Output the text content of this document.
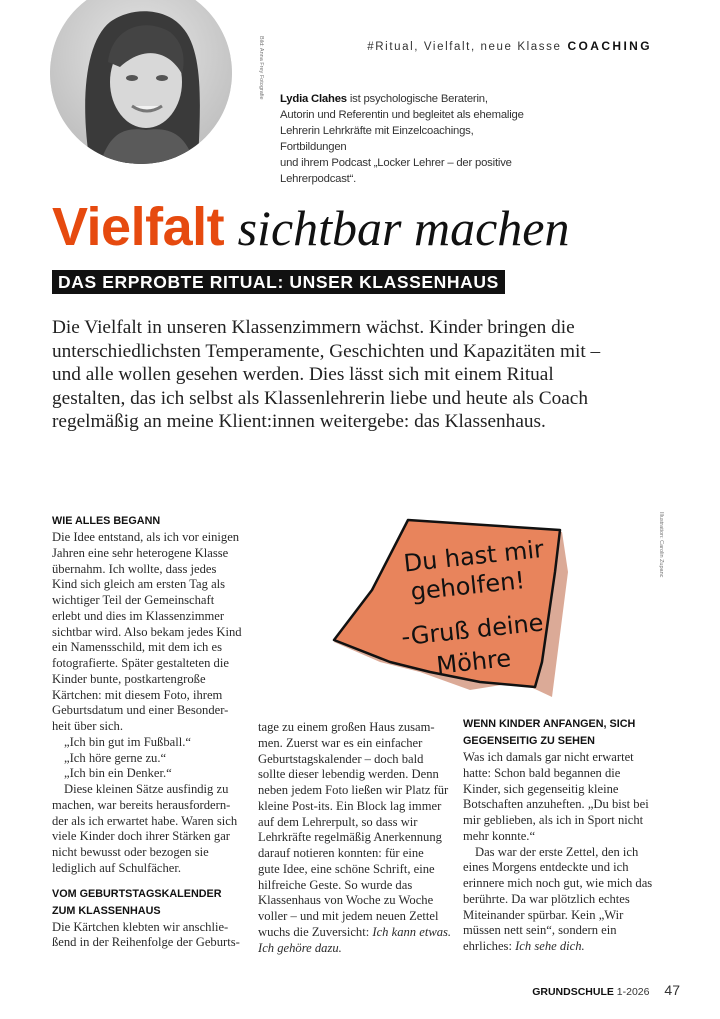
Bild: Anna Frey Fotografie	#Ritual, Vielfalt, neue Klasse COACHING
Lydia Clahes ist psychologische Beraterin,
Autorin und Referentin und begleitet als ehemalige
Lehrerin Lehrkräfte mit Einzelcoachings, Fortbildungen
und ihrem Podcast „Locker Lehrer – der positive
Lehrerpodcast“.
Vielfalt sichtbar machen
DAS ERPROBTE RITUAL: UNSER KLASSENHAUS
Die Vielfalt in unseren Klassenzimmern wächst. Kinder bringen die
unterschiedlichsten Temperamente, Geschichten und Kapazitäten mit –
und alle wollen gesehen werden. Dies lässt sich mit einem Ritual
gestalten, das ich selbst als Klassenlehrerin liebe und heute als Coach
regelmäßig an meine Klient:innen weitergebe: das Klassenhaus.
Du hast mir
geholfen!
-Gruß deine
Möhre
Illustration: Carolin Zupanc
WIE ALLES BEGANN
Die Idee entstand, als ich vor einigen
Jahren eine sehr heterogene Klasse
übernahm. Ich wollte, dass jedes
Kind sich gleich am ersten Tag als
wichtiger Teil der Gemeinschaft
erlebt und dies im Klassenzimmer
sichtbar wird. Also bekam jedes Kind
ein Namensschild, mit dem ich es
fotografierte. Später gestalteten die
Kinder bunte, postkartengroße
Kärtchen: mit diesem Foto, ihrem
Geburtsdatum und einer Besonder-
heit über sich.
„Ich bin gut im Fußball.“
„Ich höre gerne zu.“
„Ich bin ein Denker.“
Diese kleinen Sätze ausfindig zu
machen, war bereits herausfordern-
der als ich erwartet habe. Waren sich
viele Kinder doch ihrer Stärken gar
nicht bewusst oder bezogen sie
lediglich auf Schulfächer.
VOM GEBURTSTAGSKALENDER
ZUM KLASSENHAUS
Die Kärtchen klebten wir anschlie-
ßend in der Reihenfolge der Geburts-
tage zu einem großen Haus zusam-
men. Zuerst war es ein einfacher
Geburtstagskalender – doch bald
sollte dieser lebendig werden. Denn
neben jedem Foto ließen wir Platz für
kleine Post-its. Ein Block lag immer
auf dem Lehrerpult, so dass wir
Lehrkräfte regelmäßig Anerkennung
darauf notieren konnten: für eine
gute Idee, eine schöne Schrift, eine
hilfreiche Geste. So wurde das
Klassenhaus von Woche zu Woche
voller – und mit jedem neuen Zettel
wuchs die Zuversicht: Ich kann etwas.
Ich gehöre dazu.
WENN KINDER ANFANGEN, SICH
GEGENSEITIG ZU SEHEN
Was ich damals gar nicht erwartet
hatte: Schon bald begannen die
Kinder, sich gegenseitig kleine
Botschaften anzuheften. „Du bist bei
mir geblieben, als ich in Sport nicht
mehr konnte.“
Das war der erste Zettel, den ich
eines Morgens entdeckte und ich
erinnere mich noch gut, wie mich das
berührte. Da war plötzlich echtes
Miteinander spürbar. Kein „Wir
müssen nett sein“, sondern ein
ehrliches: Ich sehe dich.
GRUNDSCHULE 1-2026 47
